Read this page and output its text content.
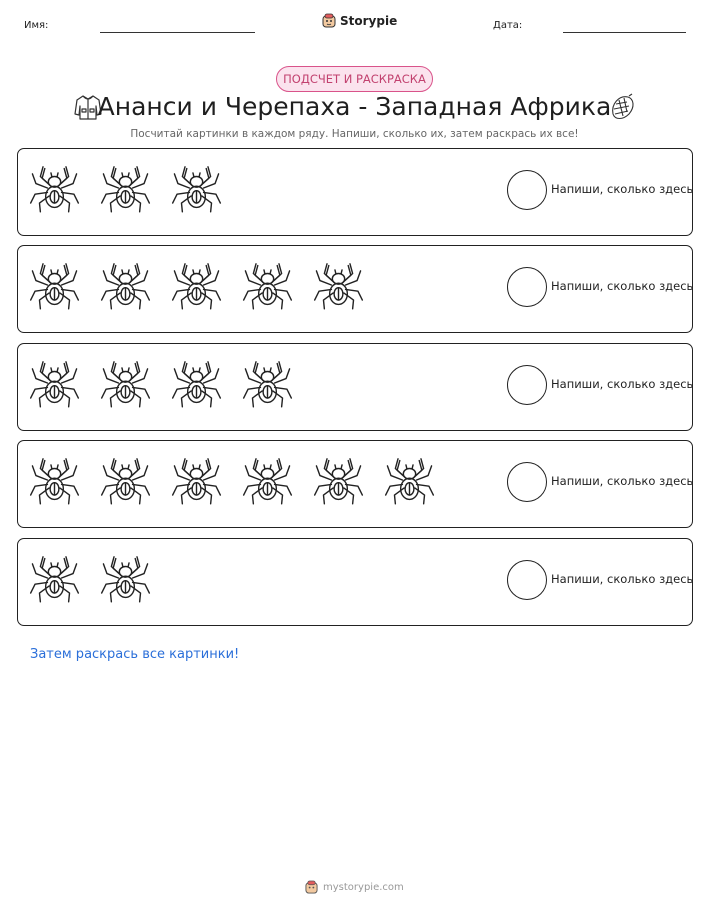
Имя:	Storypie	Дата:
ПОДСЧЕТ И РАСКРАСКА
Ананси и Черепаха - Западная Африка

Посчитай картинки в каждом ряду. Напиши, сколько их, затем раскрась их все!

Напиши, сколько здесь
Напиши, сколько здесь
Напиши, сколько здесь
Напиши, сколько здесь
Напиши, сколько здесь

Затем раскрась все картинки!

mystorypie.com
